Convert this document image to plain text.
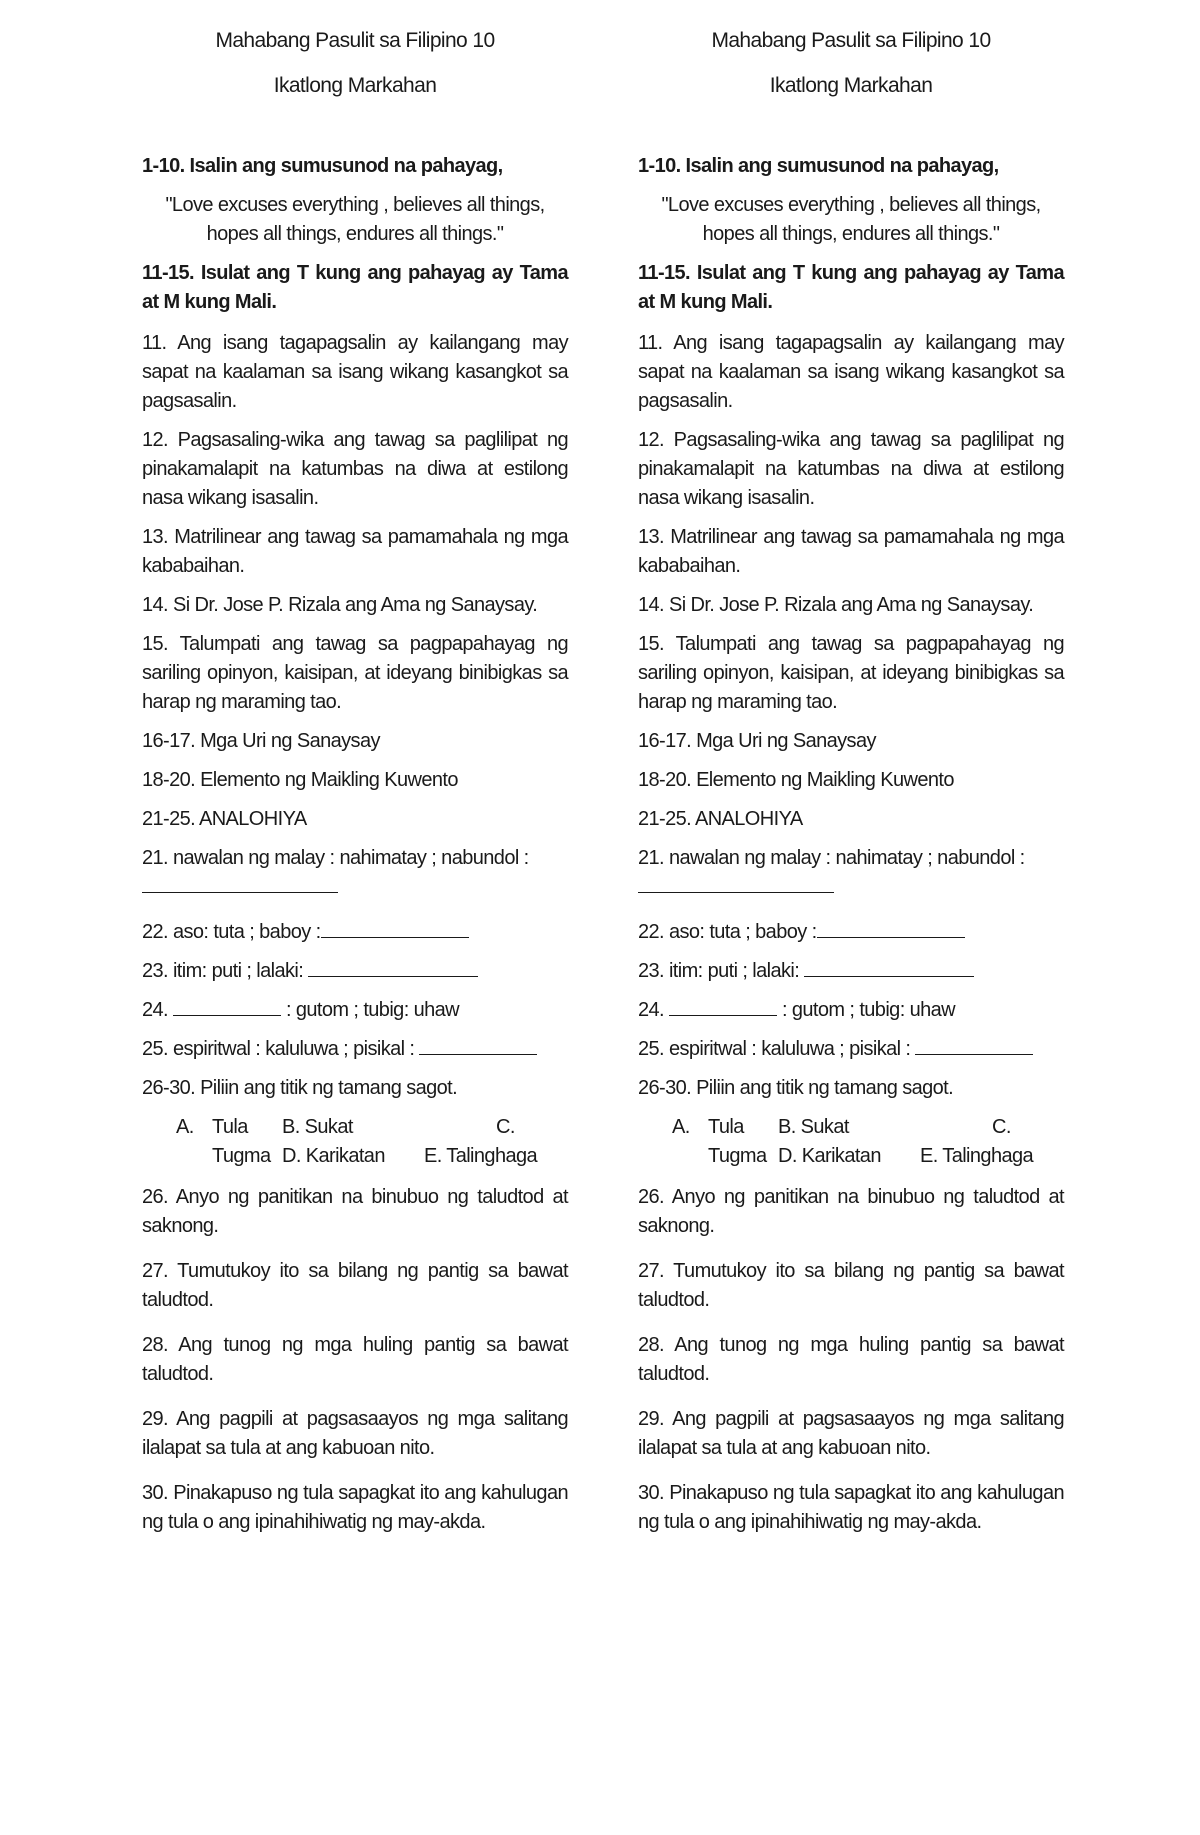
Mahabang Pasulit sa Filipino 10
Ikatlong Markahan
1-10. Isalin ang sumusunod na pahayag,
"Love excuses everything , believes all things,
hopes all things, endures all things."
11-15. Isulat ang T kung ang pahayag ay Tama at M kung Mali.
11. Ang isang tagapagsalin ay kailangang may sapat na kaalaman sa isang wikang kasangkot sa pagsasalin.
12. Pagsasaling-wika ang tawag sa paglilipat ng pinakamalapit na katumbas na diwa at estilong nasa wikang isasalin.
13. Matrilinear ang tawag sa pamamahala ng mga kababaihan.
14. Si Dr. Jose P. Rizala ang Ama ng Sanaysay.
15. Talumpati ang tawag sa pagpapahayag ng sariling opinyon, kaisipan, at ideyang binibigkas sa harap ng maraming tao.
16-17. Mga Uri ng Sanaysay
18-20. Elemento ng Maikling Kuwento
21-25. ANALOHIYA
21. nawalan ng malay : nahimatay ; nabundol :

22. aso: tuta ; baboy :
23. itim: puti ; lalaki:
24.	: gutom ; tubig: uhaw
25. espiritwal : kaluluwa ; pisikal :
26-30. Piliin ang titik ng tamang sagot.
A. Tula B. Sukat	C.
Tugma D. Karikatan E. Talinghaga
26. Anyo ng panitikan na binubuo ng taludtod at saknong.
27. Tumutukoy ito sa bilang ng pantig sa bawat taludtod.
28. Ang tunog ng mga huling pantig sa bawat taludtod.
29. Ang pagpili at pagsasaayos ng mga salitang ilalapat sa tula at ang kabuoan nito.
30. Pinakapuso ng tula sapagkat ito ang kahulugan ng tula o ang ipinahihiwatig ng may-akda.
Mahabang Pasulit sa Filipino 10
Ikatlong Markahan
1-10. Isalin ang sumusunod na pahayag,
"Love excuses everything , believes all things,
hopes all things, endures all things."
11-15. Isulat ang T kung ang pahayag ay Tama at M kung Mali.
11. Ang isang tagapagsalin ay kailangang may sapat na kaalaman sa isang wikang kasangkot sa pagsasalin.
12. Pagsasaling-wika ang tawag sa paglilipat ng pinakamalapit na katumbas na diwa at estilong nasa wikang isasalin.
13. Matrilinear ang tawag sa pamamahala ng mga kababaihan.
14. Si Dr. Jose P. Rizala ang Ama ng Sanaysay.
15. Talumpati ang tawag sa pagpapahayag ng sariling opinyon, kaisipan, at ideyang binibigkas sa harap ng maraming tao.
16-17. Mga Uri ng Sanaysay
18-20. Elemento ng Maikling Kuwento
21-25. ANALOHIYA
21. nawalan ng malay : nahimatay ; nabundol :

22. aso: tuta ; baboy :
23. itim: puti ; lalaki:
24.	: gutom ; tubig: uhaw
25. espiritwal : kaluluwa ; pisikal :
26-30. Piliin ang titik ng tamang sagot.
A. Tula B. Sukat	C.
Tugma D. Karikatan E. Talinghaga
26. Anyo ng panitikan na binubuo ng taludtod at saknong.
27. Tumutukoy ito sa bilang ng pantig sa bawat taludtod.
28. Ang tunog ng mga huling pantig sa bawat taludtod.
29. Ang pagpili at pagsasaayos ng mga salitang ilalapat sa tula at ang kabuoan nito.
30. Pinakapuso ng tula sapagkat ito ang kahulugan ng tula o ang ipinahihiwatig ng may-akda.
